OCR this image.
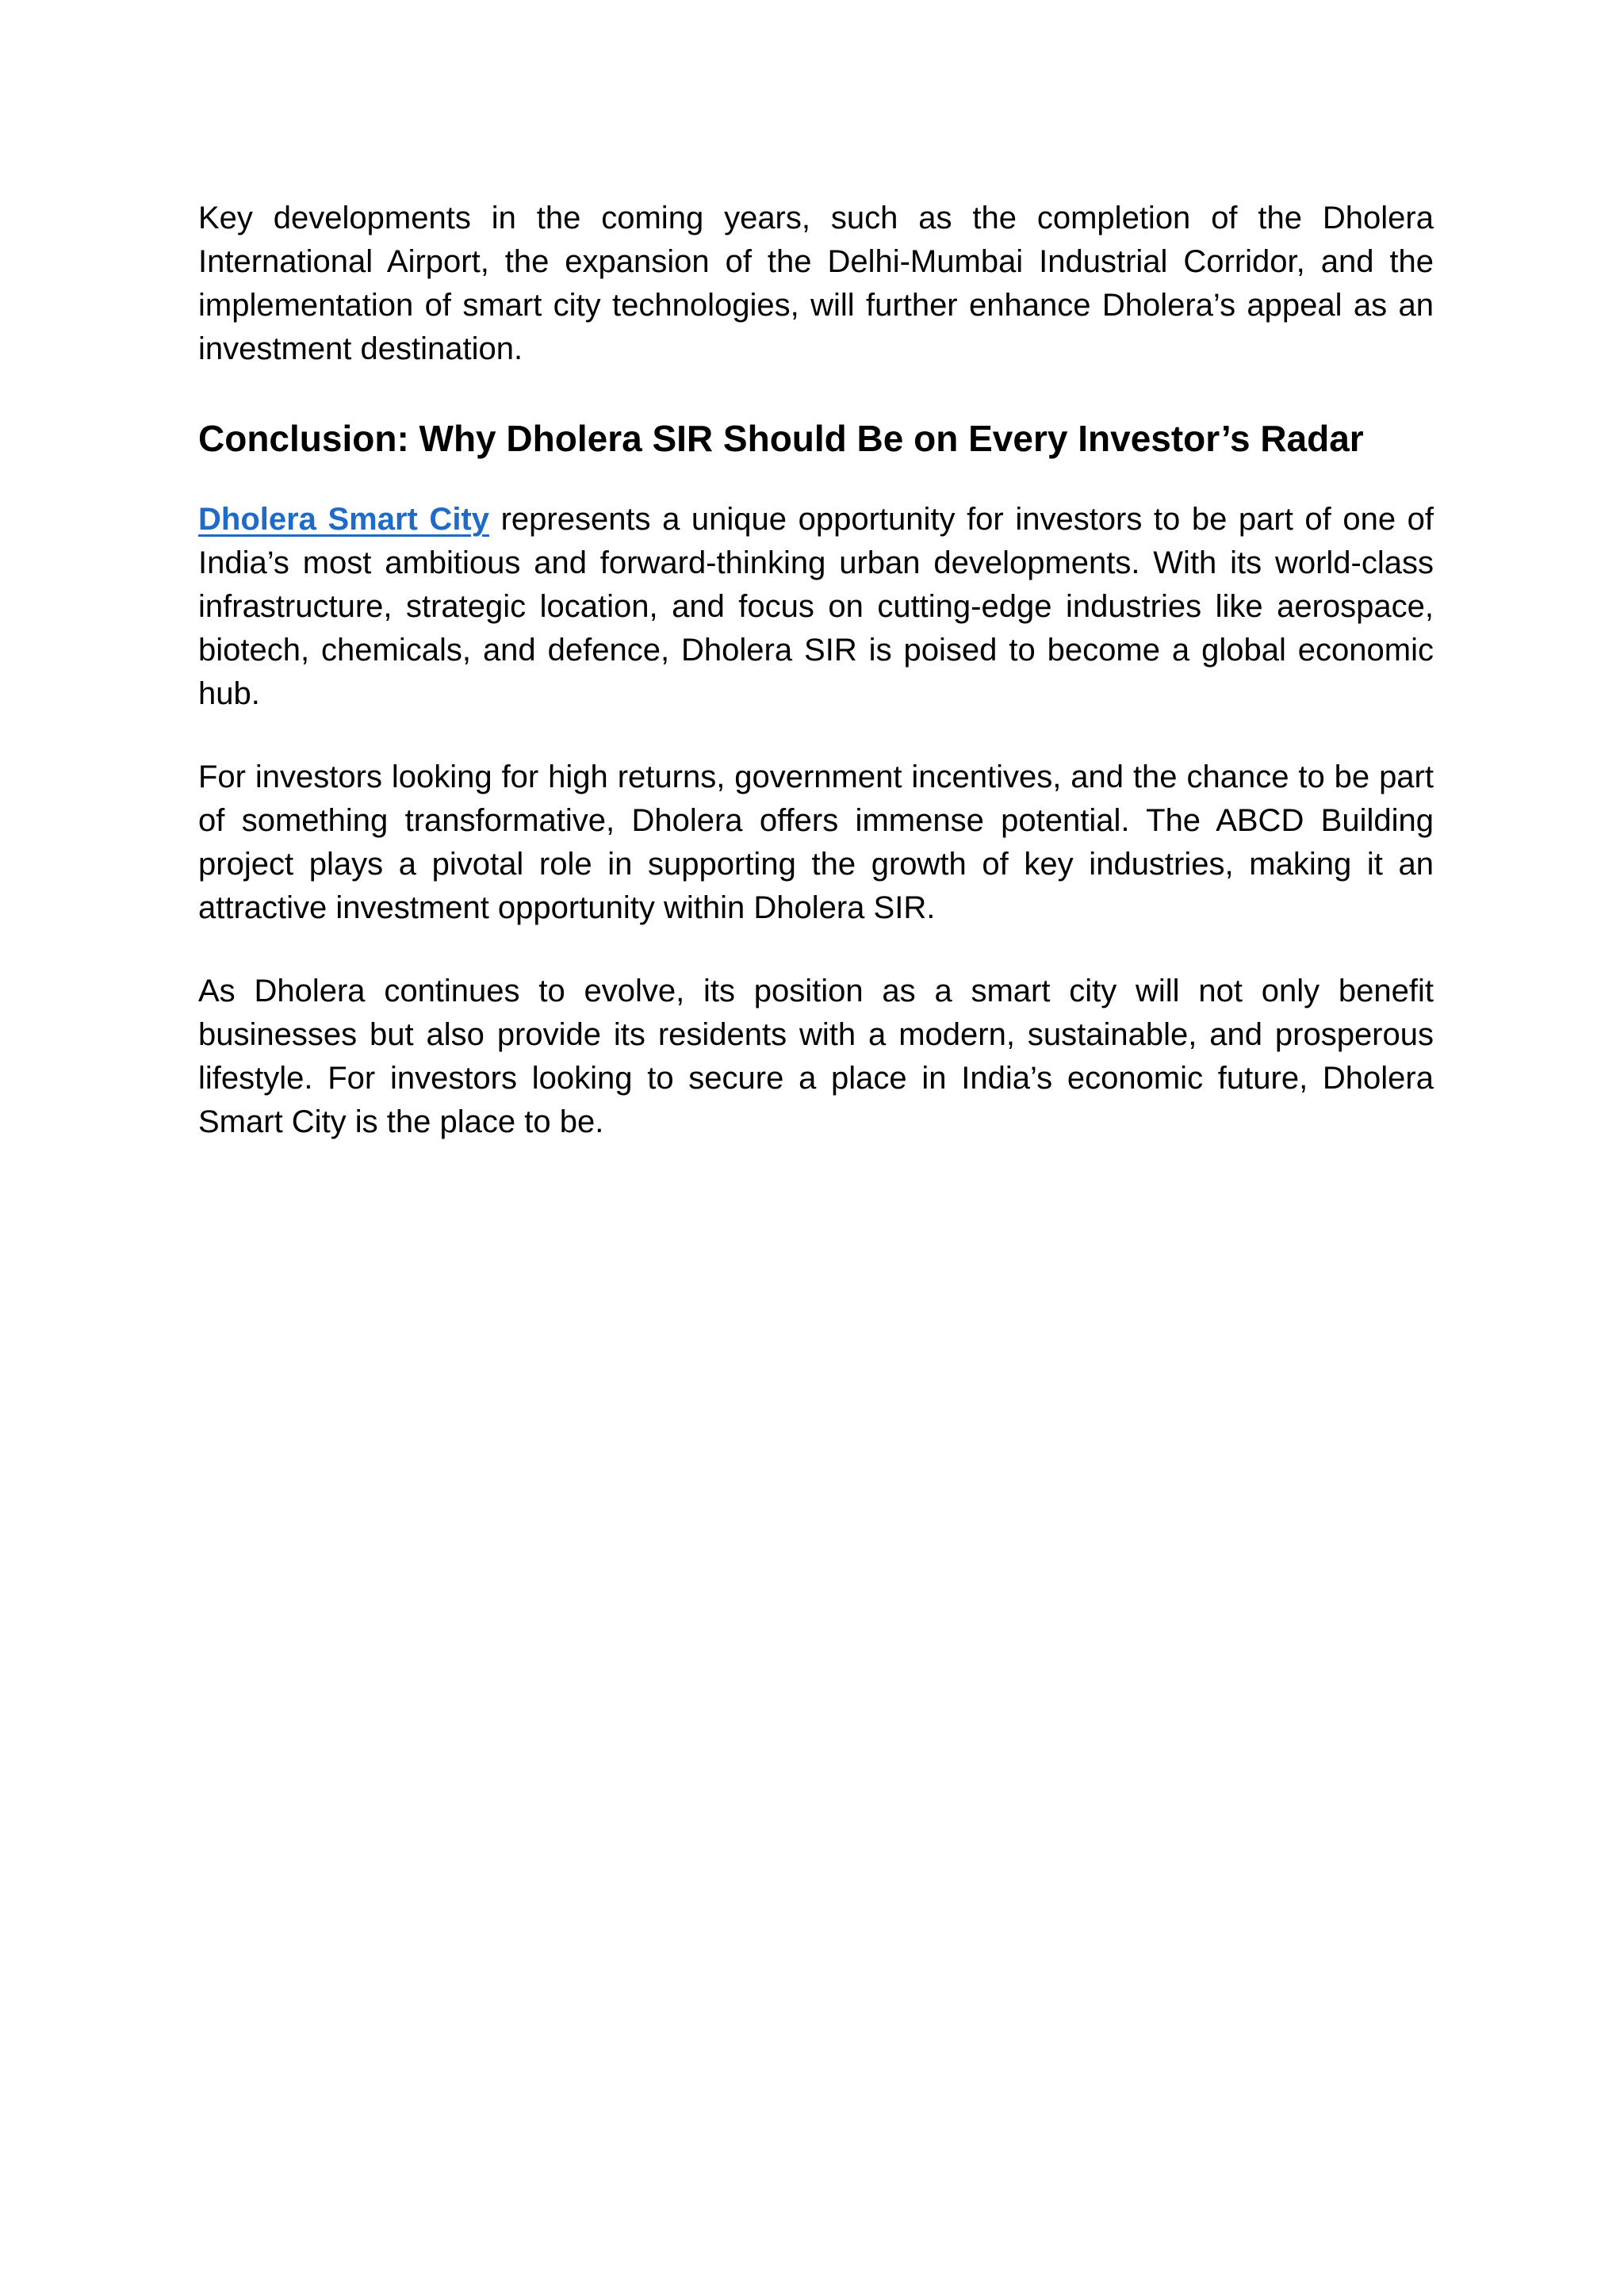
Key developments in the coming years, such as the completion of the Dholera International Airport, the expansion of the Delhi-Mumbai Industrial Corridor, and the implementation of smart city technologies, will further enhance Dholera’s appeal as an investment destination.

Conclusion: Why Dholera SIR Should Be on Every Investor’s Radar

Dholera Smart City represents a unique opportunity for investors to be part of one of India’s most ambitious and forward-thinking urban developments. With its world-class infrastructure, strategic location, and focus on cutting-edge industries like aerospace, biotech, chemicals, and defence, Dholera SIR is poised to become a global economic hub.

For investors looking for high returns, government incentives, and the chance to be part of something transformative, Dholera offers immense potential. The ABCD Building project plays a pivotal role in supporting the growth of key industries, making it an attractive investment opportunity within Dholera SIR.

As Dholera continues to evolve, its position as a smart city will not only benefit businesses but also provide its residents with a modern, sustainable, and prosperous lifestyle. For investors looking to secure a place in India’s economic future, Dholera Smart City is the place to be.
